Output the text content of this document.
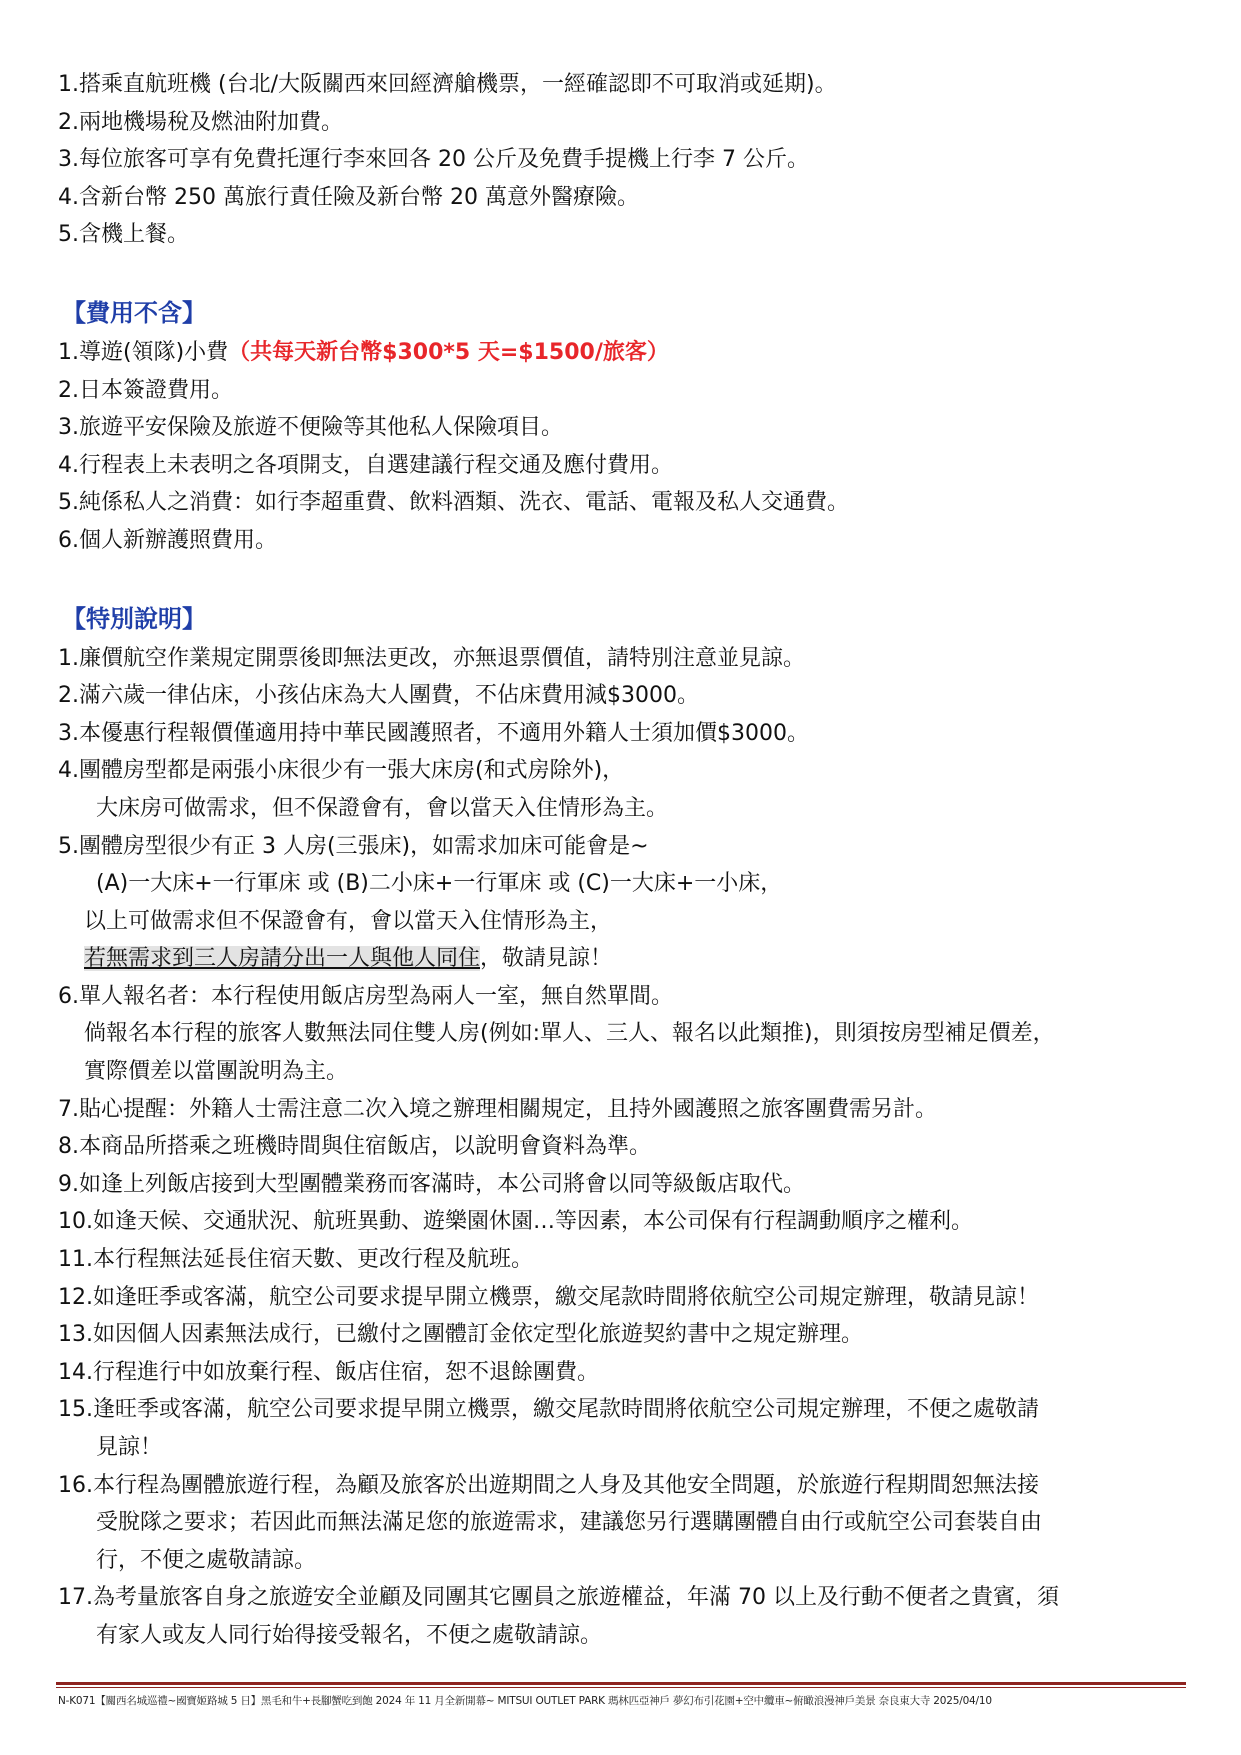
1.搭乘直航班機 (台北/大阪關西來回經濟艙機票，一經確認即不可取消或延期)。
2.兩地機場稅及燃油附加費。
3.每位旅客可享有免費托運行李來回各 20 公斤及免費手提機上行李 7 公斤。
4.含新台幣 250 萬旅行責任險及新台幣 20 萬意外醫療險。
5.含機上餐。
【費用不含】
1.導遊(領隊)小費（共每天新台幣$300*5 天=$1500/旅客）
2.日本簽證費用。
3.旅遊平安保險及旅遊不便險等其他私人保險項目。
4.行程表上未表明之各項開支，自選建議行程交通及應付費用。
5.純係私人之消費：如行李超重費、飲料酒類、洗衣、電話、電報及私人交通費。
6.個人新辦護照費用。
【特別說明】
1.廉價航空作業規定開票後即無法更改，亦無退票價值，請特別注意並見諒。
2.滿六歲一律佔床，小孩佔床為大人團費，不佔床費用減$3000。
3.本優惠行程報價僅適用持中華民國護照者，不適用外籍人士須加價$3000。
4.團體房型都是兩張小床很少有一張大床房(和式房除外)，
大床房可做需求，但不保證會有，會以當天入住情形為主。
5.團體房型很少有正 3 人房(三張床)，如需求加床可能會是~
(A)一大床+一行軍床 或 (B)二小床+一行軍床 或 (C)一大床+一小床，
以上可做需求但不保證會有，會以當天入住情形為主，
若無需求到三人房請分出一人與他人同住，敬請見諒！
6.單人報名者：本行程使用飯店房型為兩人一室，無自然單間。
倘報名本行程的旅客人數無法同住雙人房(例如:單人、三人、報名以此類推)，則須按房型補足價差，
實際價差以當團說明為主。
7.貼心提醒：外籍人士需注意二次入境之辦理相關規定，且持外國護照之旅客團費需另計。
8.本商品所搭乘之班機時間與住宿飯店，以說明會資料為準。
9.如逢上列飯店接到大型團體業務而客滿時，本公司將會以同等級飯店取代。
10.如逢天候、交通狀況、航班異動、遊樂園休園…等因素，本公司保有行程調動順序之權利。
11.本行程無法延長住宿天數、更改行程及航班。
12.如逢旺季或客滿，航空公司要求提早開立機票，繳交尾款時間將依航空公司規定辦理，敬請見諒！
13.如因個人因素無法成行，已繳付之團體訂金依定型化旅遊契約書中之規定辦理。
14.行程進行中如放棄行程、飯店住宿，恕不退餘團費。
15.逢旺季或客滿，航空公司要求提早開立機票，繳交尾款時間將依航空公司規定辦理，不便之處敬請
見諒！
16.本行程為團體旅遊行程，為顧及旅客於出遊期間之人身及其他安全問題，於旅遊行程期間恕無法接
受脫隊之要求；若因此而無法滿足您的旅遊需求，建議您另行選購團體自由行或航空公司套裝自由
行，不便之處敬請諒。
17.為考量旅客自身之旅遊安全並顧及同團其它團員之旅遊權益，年滿 70 以上及行動不便者之貴賓，須
有家人或友人同行始得接受報名，不便之處敬請諒。
N-K071【關西名城巡禮~國寶姬路城 5 日】黑毛和牛+長腳蟹吃到飽 2024 年 11 月全新開幕~ MITSUI OUTLET PARK 瑪林匹亞神戶 夢幻布引花園+空中纜車~俯瞰浪漫神戶美景 奈良東大寺 2025/04/10
